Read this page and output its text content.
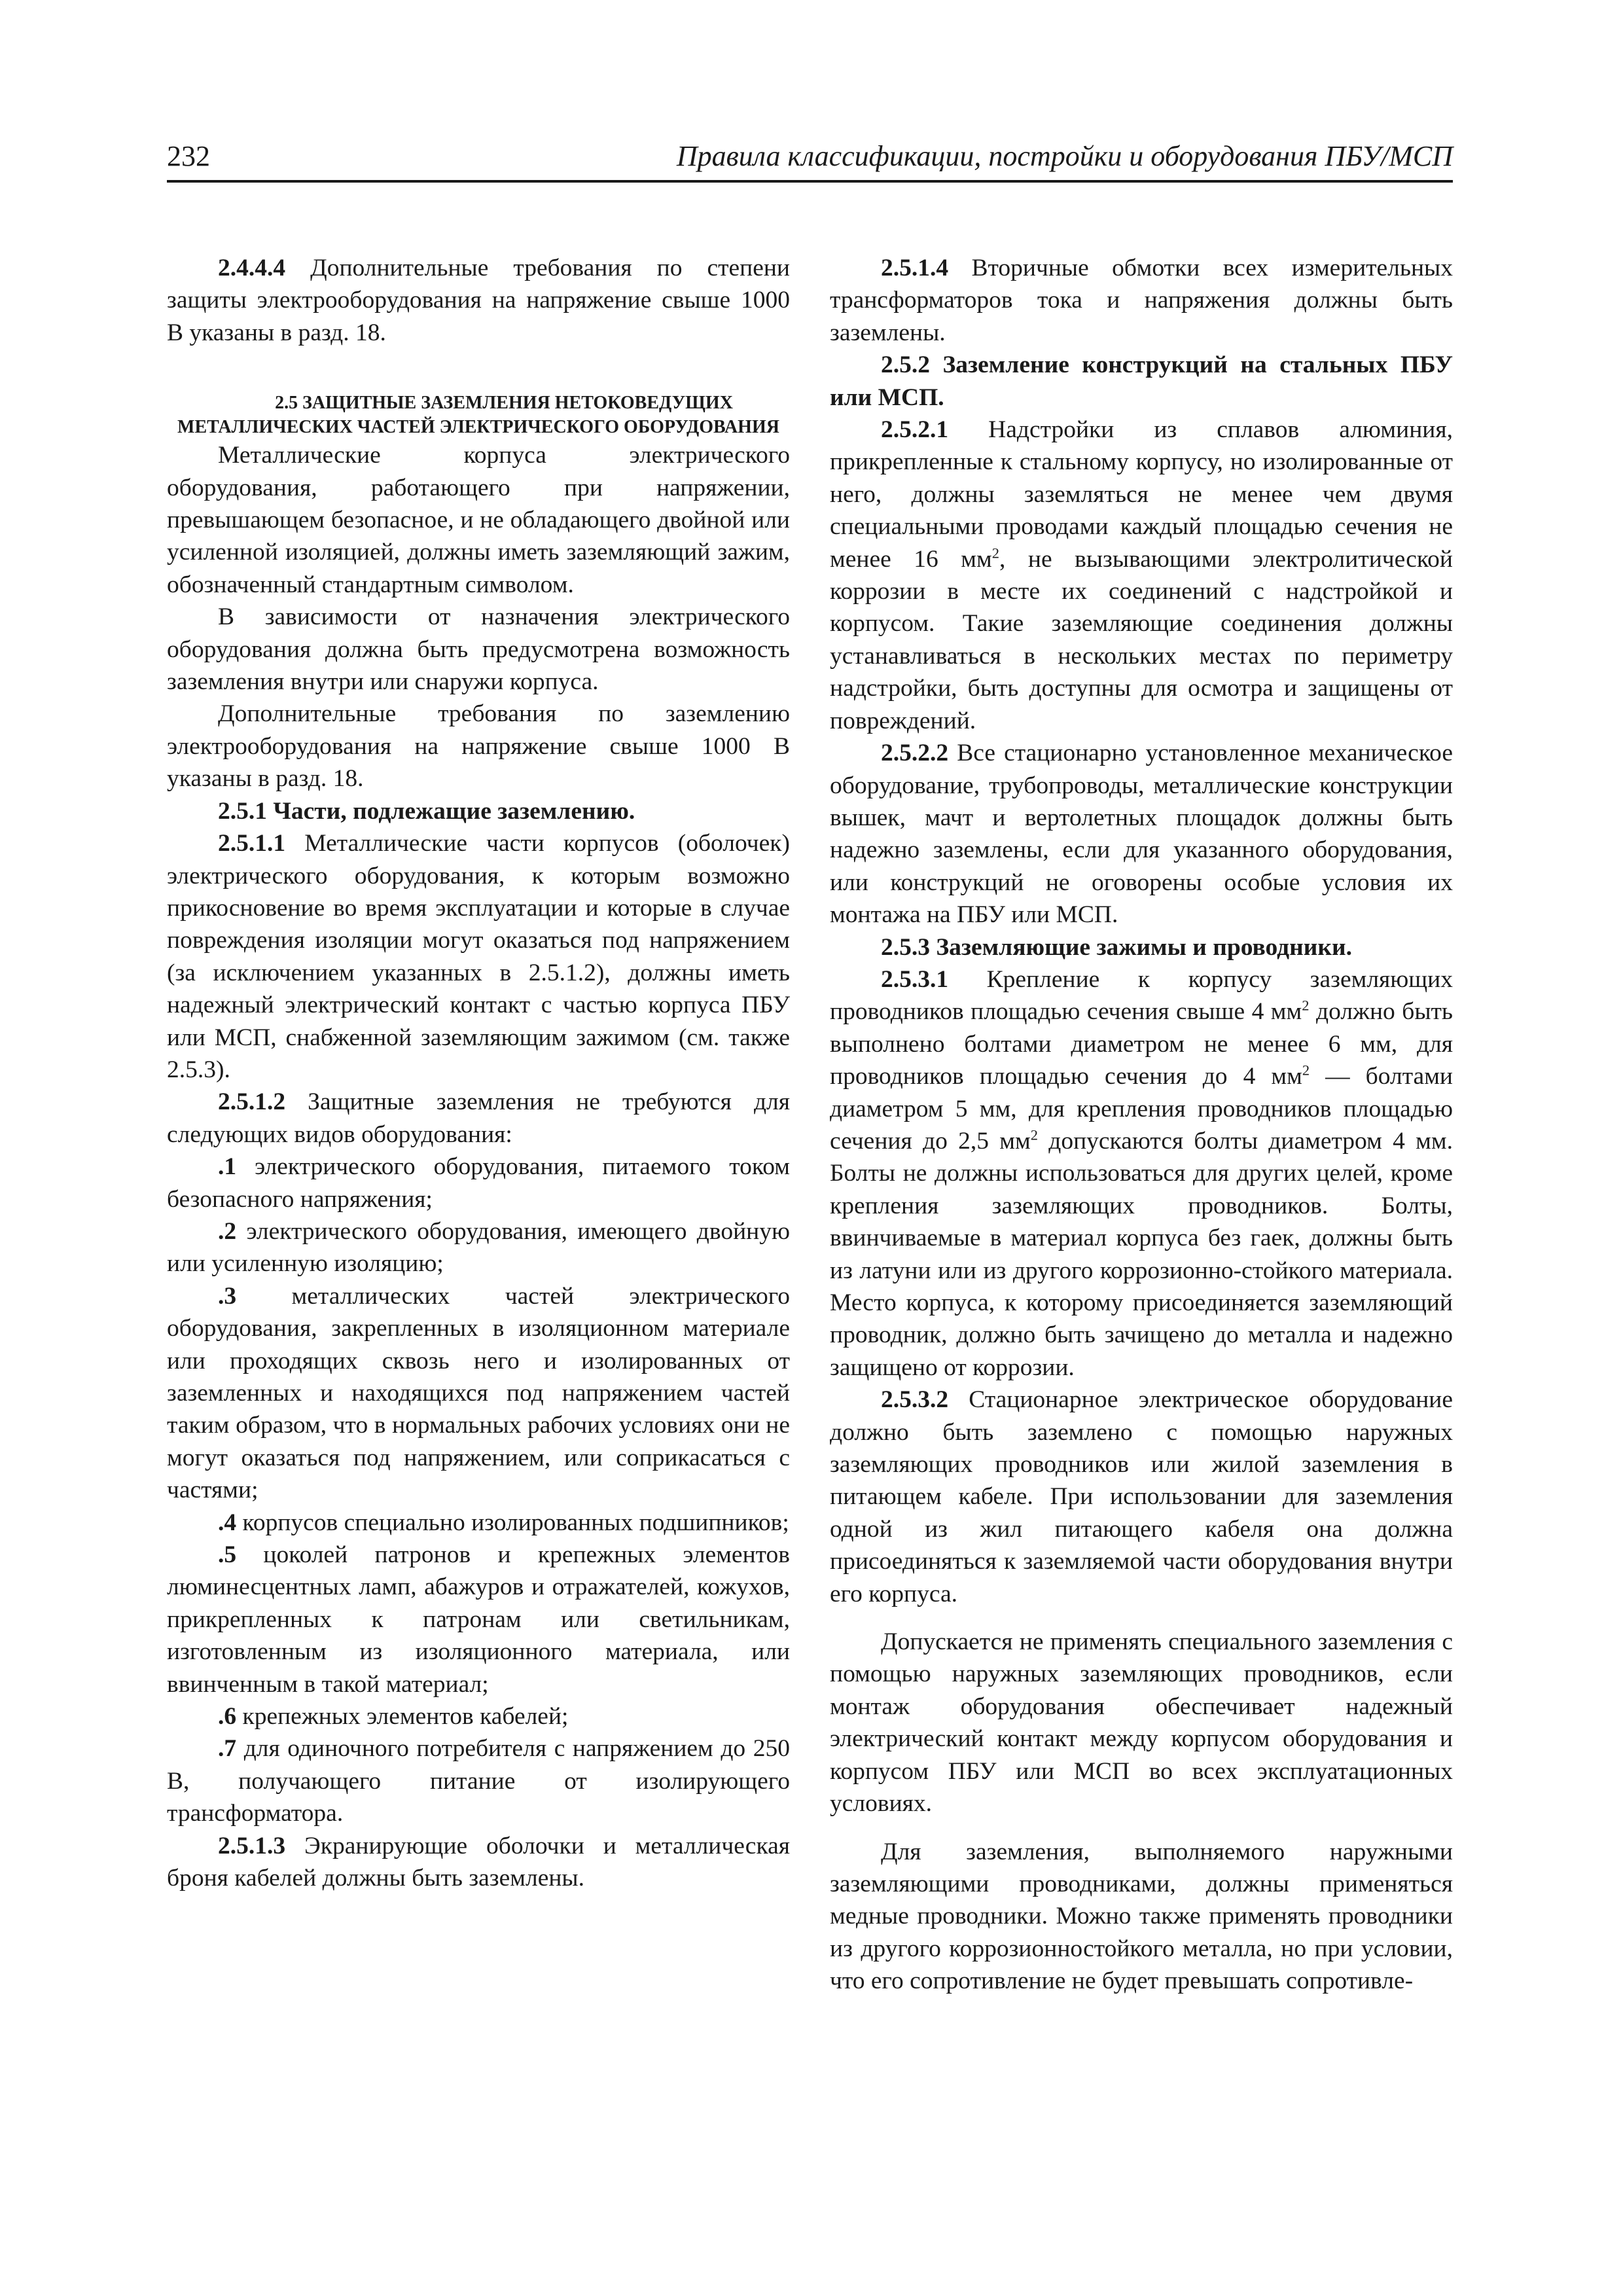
232	Правила классификации, постройки и оборудования ПБУ/МСП

2.4.4.4 Дополнительные требования по степени защиты электрооборудования на напряжение свыше 1000 В указаны в разд. 18.

2.5 ЗАЩИТНЫЕ ЗАЗЕМЛЕНИЯ НЕТОКОВЕДУЩИХ МЕТАЛЛИЧЕСКИХ ЧАСТЕЙ ЭЛЕКТРИЧЕСКОГО ОБОРУДОВАНИЯ

Металлические корпуса электрического оборудования, работающего при напряжении, превышающем безопасное, и не обладающего двойной или усиленной изоляцией, должны иметь заземляющий зажим, обозначенный стандартным символом.

В зависимости от назначения электрического оборудования должна быть предусмотрена возможность заземления внутри или снаружи корпуса.

Дополнительные требования по заземлению электрооборудования на напряжение свыше 1000 В указаны в разд. 18.

2.5.1 Части, подлежащие заземлению.

2.5.1.1 Металлические части корпусов (оболочек) электрического оборудования, к которым возможно прикосновение во время эксплуатации и которые в случае повреждения изоляции могут оказаться под напряжением (за исключением указанных в 2.5.1.2), должны иметь надежный электрический контакт с частью корпуса ПБУ или МСП, снабженной заземляющим зажимом (см. также 2.5.3).

2.5.1.2 Защитные заземления не требуются для следующих видов оборудования:

.1 электрического оборудования, питаемого током безопасного напряжения;

.2 электрического оборудования, имеющего двойную или усиленную изоляцию;

.3 металлических частей электрического оборудования, закрепленных в изоляционном материале или проходящих сквозь него и изолированных от заземленных и находящихся под напряжением частей таким образом, что в нормальных рабочих условиях они не могут оказаться под напряжением, или соприкасаться с частями;

.4 корпусов специально изолированных подшипников;

.5 цоколей патронов и крепежных элементов люминесцентных ламп, абажуров и отражателей, кожухов, прикрепленных к патронам или светильникам, изготовленным из изоляционного материала, или ввинченным в такой материал;

.6 крепежных элементов кабелей;

.7 для одиночного потребителя с напряжением до 250 В, получающего питание от изолирующего трансформатора.

2.5.1.3 Экранирующие оболочки и металлическая броня кабелей должны быть заземлены.

2.5.1.4 Вторичные обмотки всех измерительных трансформаторов тока и напряжения должны быть заземлены.

2.5.2 Заземление конструкций на стальных ПБУ или МСП.

2.5.2.1 Надстройки из сплавов алюминия, прикрепленные к стальному корпусу, но изолированные от него, должны заземляться не менее чем двумя специальными проводами каждый площадью сечения не менее 16 $мм^2$, не вызывающими электролитической коррозии в месте их соединений с надстройкой и корпусом. Такие заземляющие соединения должны устанавливаться в нескольких местах по периметру надстройки, быть доступны для осмотра и защищены от повреждений.

2.5.2.2 Все стационарно установленное механическое оборудование, трубопроводы, металлические конструкции вышек, мачт и вертолетных площадок должны быть надежно заземлены, если для указанного оборудования, или конструкций не оговорены особые условия их монтажа на ПБУ или МСП.

2.5.3 Заземляющие зажимы и проводники.

2.5.3.1 Крепление к корпусу заземляющих проводников площадью сечения свыше 4 $мм^2$ должно быть выполнено болтами диаметром не менее 6 мм, для проводников площадью сечения до 4 $мм^2$ — болтами диаметром 5 мм, для крепления проводников площадью сечения до 2,5 $мм^2$ допускаются болты диаметром 4 мм. Болты не должны использоваться для других целей, кроме крепления заземляющих проводников. Болты, ввинчиваемые в материал корпуса без гаек, должны быть из латуни или из другого коррозионно-стойкого материала. Место корпуса, к которому присоединяется заземляющий проводник, должно быть зачищено до металла и надежно защищено от коррозии.

2.5.3.2 Стационарное электрическое оборудование должно быть заземлено с помощью наружных заземляющих проводников или жилой заземления в питающем кабеле. При использовании для заземления одной из жил питающего кабеля она должна присоединяться к заземляемой части оборудования внутри его корпуса.

Допускается не применять специального заземления с помощью наружных заземляющих проводников, если монтаж оборудования обеспечивает надежный электрический контакт между корпусом оборудования и корпусом ПБУ или МСП во всех эксплуатационных условиях.

Для заземления, выполняемого наружными заземляющими проводниками, должны применяться медные проводники. Можно также применять проводники из другого коррозионностойкого металла, но при условии, что его сопротивление не будет превышать сопротивле-
